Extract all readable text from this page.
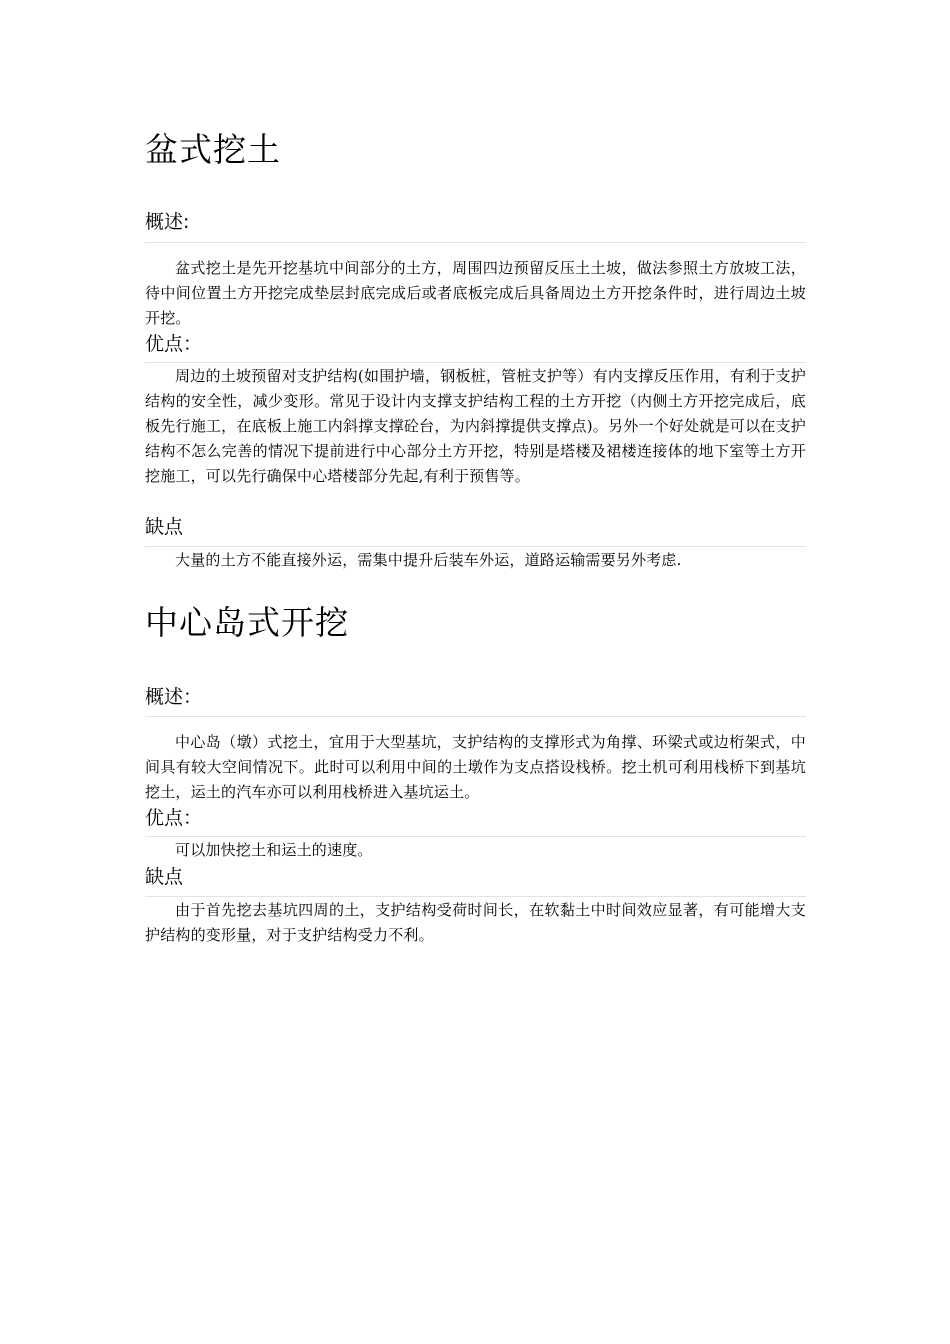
盆式挖土
概述:

盆式挖土是先开挖基坑中间部分的土方，周围四边预留反压土土坡，做法参照土方放坡工法，待中间位置土方开挖完成垫层封底完成后或者底板完成后具备周边土方开挖条件时，进行周边土坡开挖。

优点：

周边的土坡预留对支护结构(如围护墙，钢板桩，管桩支护等）有内支撑反压作用，有利于支护结构的安全性，减少变形。常见于设计内支撑支护结构工程的土方开挖（内侧土方开挖完成后，底板先行施工，在底板上施工内斜撑支撑砼台，为内斜撑提供支撑点)。另外一个好处就是可以在支护结构不怎么完善的情况下提前进行中心部分土方开挖，特别是塔楼及裙楼连接体的地下室等土方开挖施工，可以先行确保中心塔楼部分先起,有利于预售等。

缺点

大量的土方不能直接外运，需集中提升后装车外运，道路运输需要另外考虑.

中心岛式开挖
概述：

中心岛（墩）式挖土，宜用于大型基坑，支护结构的支撑形式为角撑、环梁式或边桁架式，中间具有较大空间情况下。此时可以利用中间的土墩作为支点搭设栈桥。挖土机可利用栈桥下到基坑挖土，运土的汽车亦可以利用栈桥进入基坑运土。

优点：

可以加快挖土和运土的速度。

缺点

由于首先挖去基坑四周的土，支护结构受荷时间长，在软黏土中时间效应显著，有可能增大支护结构的变形量，对于支护结构受力不利。
